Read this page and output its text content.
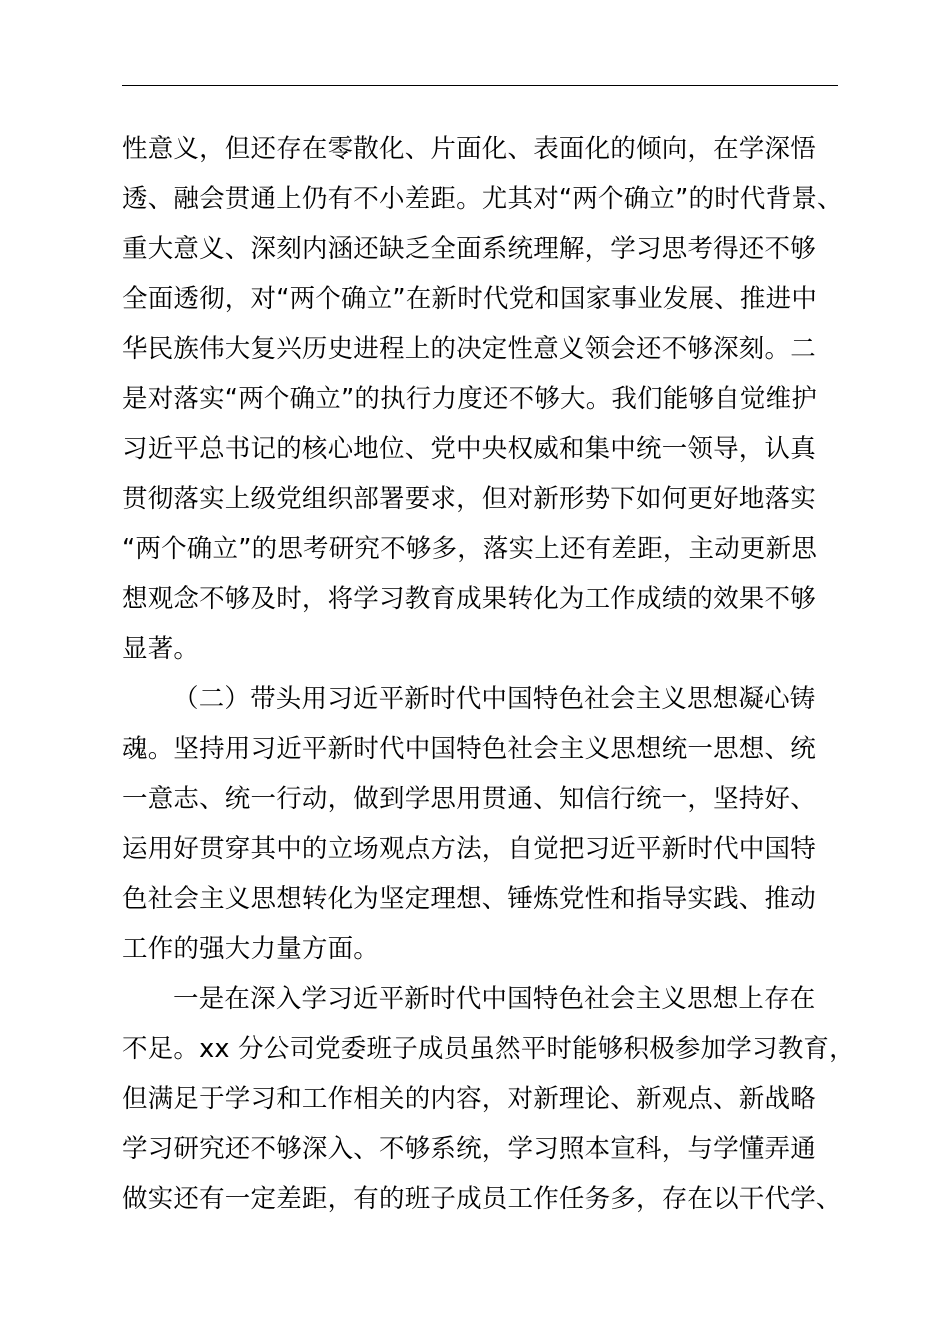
性意义，但还存在零散化、片面化、表面化的倾向，在学深悟
透、融会贯通上仍有不小差距。尤其对“两个确立”的时代背景、
重大意义、深刻内涵还缺乏全面系统理解，学习思考得还不够
全面透彻，对“两个确立”在新时代党和国家事业发展、推进中
华民族伟大复兴历史进程上的决定性意义领会还不够深刻。二
是对落实“两个确立”的执行力度还不够大。我们能够自觉维护
习近平总书记的核心地位、党中央权威和集中统一领导，认真
贯彻落实上级党组织部署要求，但对新形势下如何更好地落实
“两个确立”的思考研究不够多，落实上还有差距，主动更新思
想观念不够及时，将学习教育成果转化为工作成绩的效果不够
显著。
（二）带头用习近平新时代中国特色社会主义思想凝心铸
魂。坚持用习近平新时代中国特色社会主义思想统一思想、统
一意志、统一行动，做到学思用贯通、知信行统一，坚持好、
运用好贯穿其中的立场观点方法，自觉把习近平新时代中国特
色社会主义思想转化为坚定理想、锤炼党性和指导实践、推动
工作的强大力量方面。
一是在深入学习近平新时代中国特色社会主义思想上存在
不足。xx 分公司党委班子成员虽然平时能够积极参加学习教育，
但满足于学习和工作相关的内容，对新理论、新观点、新战略
学习研究还不够深入、不够系统，学习照本宣科，与学懂弄通
做实还有一定差距，有的班子成员工作任务多，存在以干代学、
